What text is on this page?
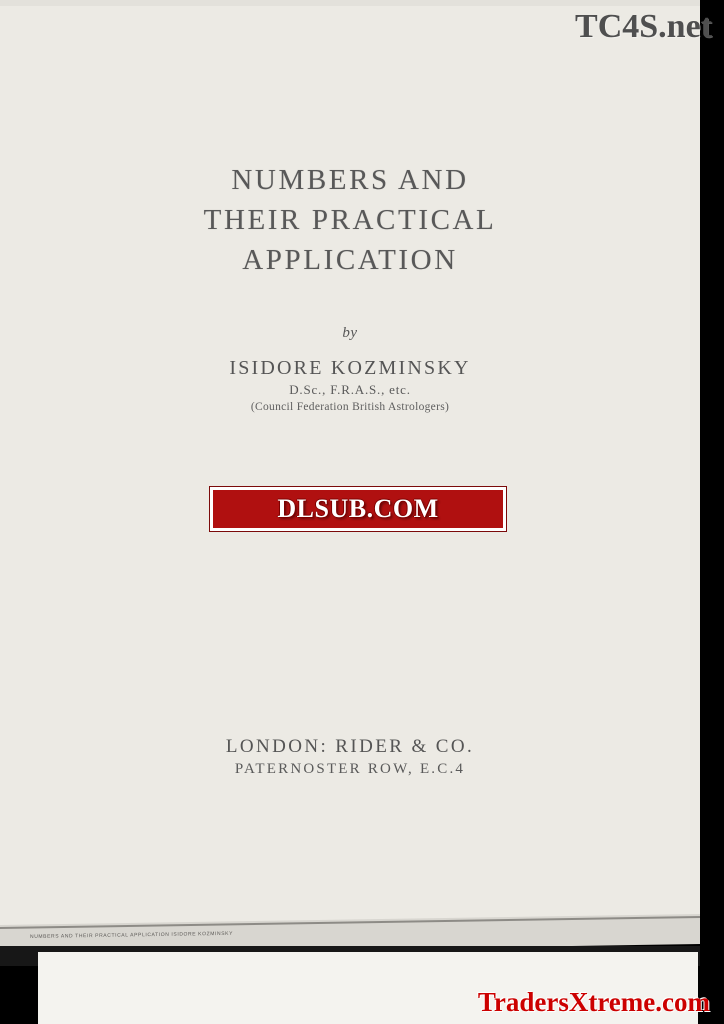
NUMBERS AND
THEIR PRACTICAL
APPLICATION
by
ISIDORE KOZMINSKY
D.Sc., F.R.A.S., etc.
(Council Federation British Astrologers)
LONDON: RIDER & CO.
PATERNOSTER ROW, E.C.4
NUMBERS AND THEIR PRACTICAL APPLICATION ISIDORE KOZMINSKY
TC4S.net
DLSUB.COM
TradersXtreme.com
